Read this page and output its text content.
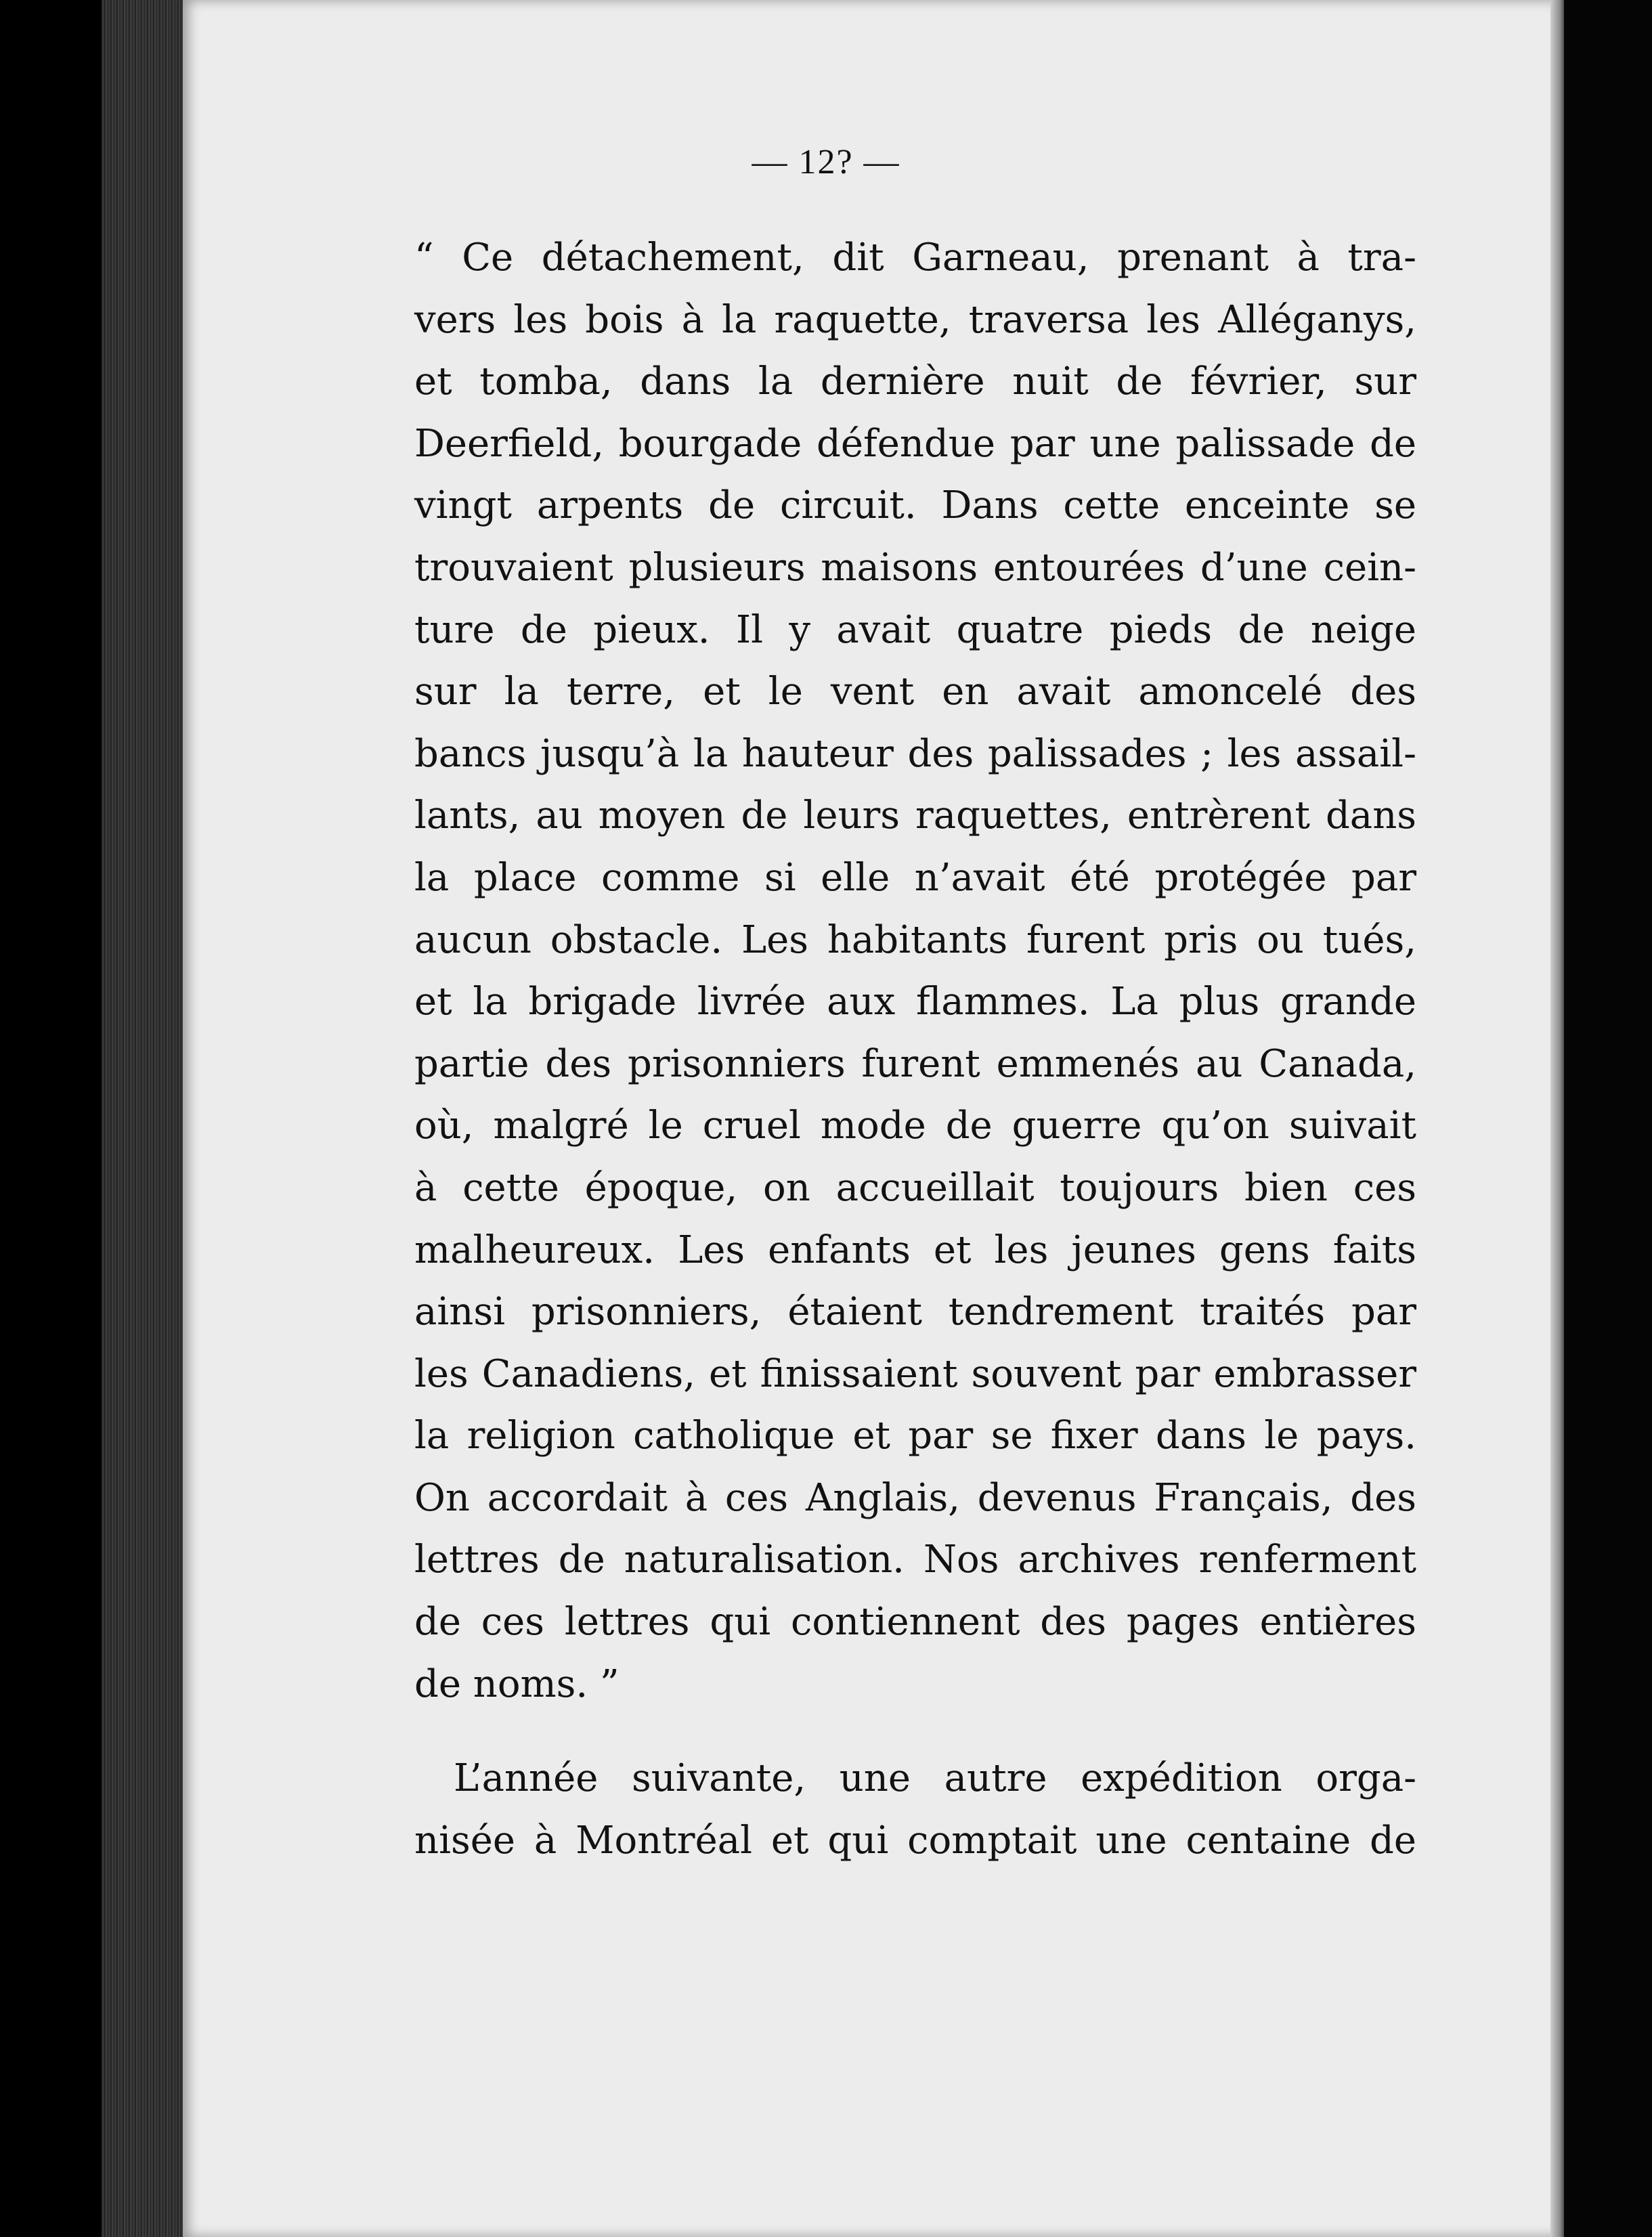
— 12? —
“ Ce détachement, dit Garneau, prenant à tra-
vers les bois à la raquette, traversa les Alléganys,
et tomba, dans la dernière nuit de février, sur
Deerfield, bourgade défendue par une palissade de
vingt arpents de circuit. Dans cette enceinte se
trouvaient plusieurs maisons entourées d’une cein-
ture de pieux. Il y avait quatre pieds de neige
sur la terre, et le vent en avait amoncelé des
bancs jusqu’à la hauteur des palissades ; les assail-
lants, au moyen de leurs raquettes, entrèrent dans
la place comme si elle n’avait été protégée par
aucun obstacle. Les habitants furent pris ou tués,
et la brigade livrée aux flammes. La plus grande
partie des prisonniers furent emmenés au Canada,
où, malgré le cruel mode de guerre qu’on suivait
à cette époque, on accueillait toujours bien ces
malheureux. Les enfants et les jeunes gens faits
ainsi prisonniers, étaient tendrement traités par
les Canadiens, et finissaient souvent par embrasser
la religion catholique et par se fixer dans le pays.
On accordait à ces Anglais, devenus Français, des
lettres de naturalisation. Nos archives renferment
de ces lettres qui contiennent des pages entières
de noms. ”
L’année suivante, une autre expédition orga-
nisée à Montréal et qui comptait une centaine de
